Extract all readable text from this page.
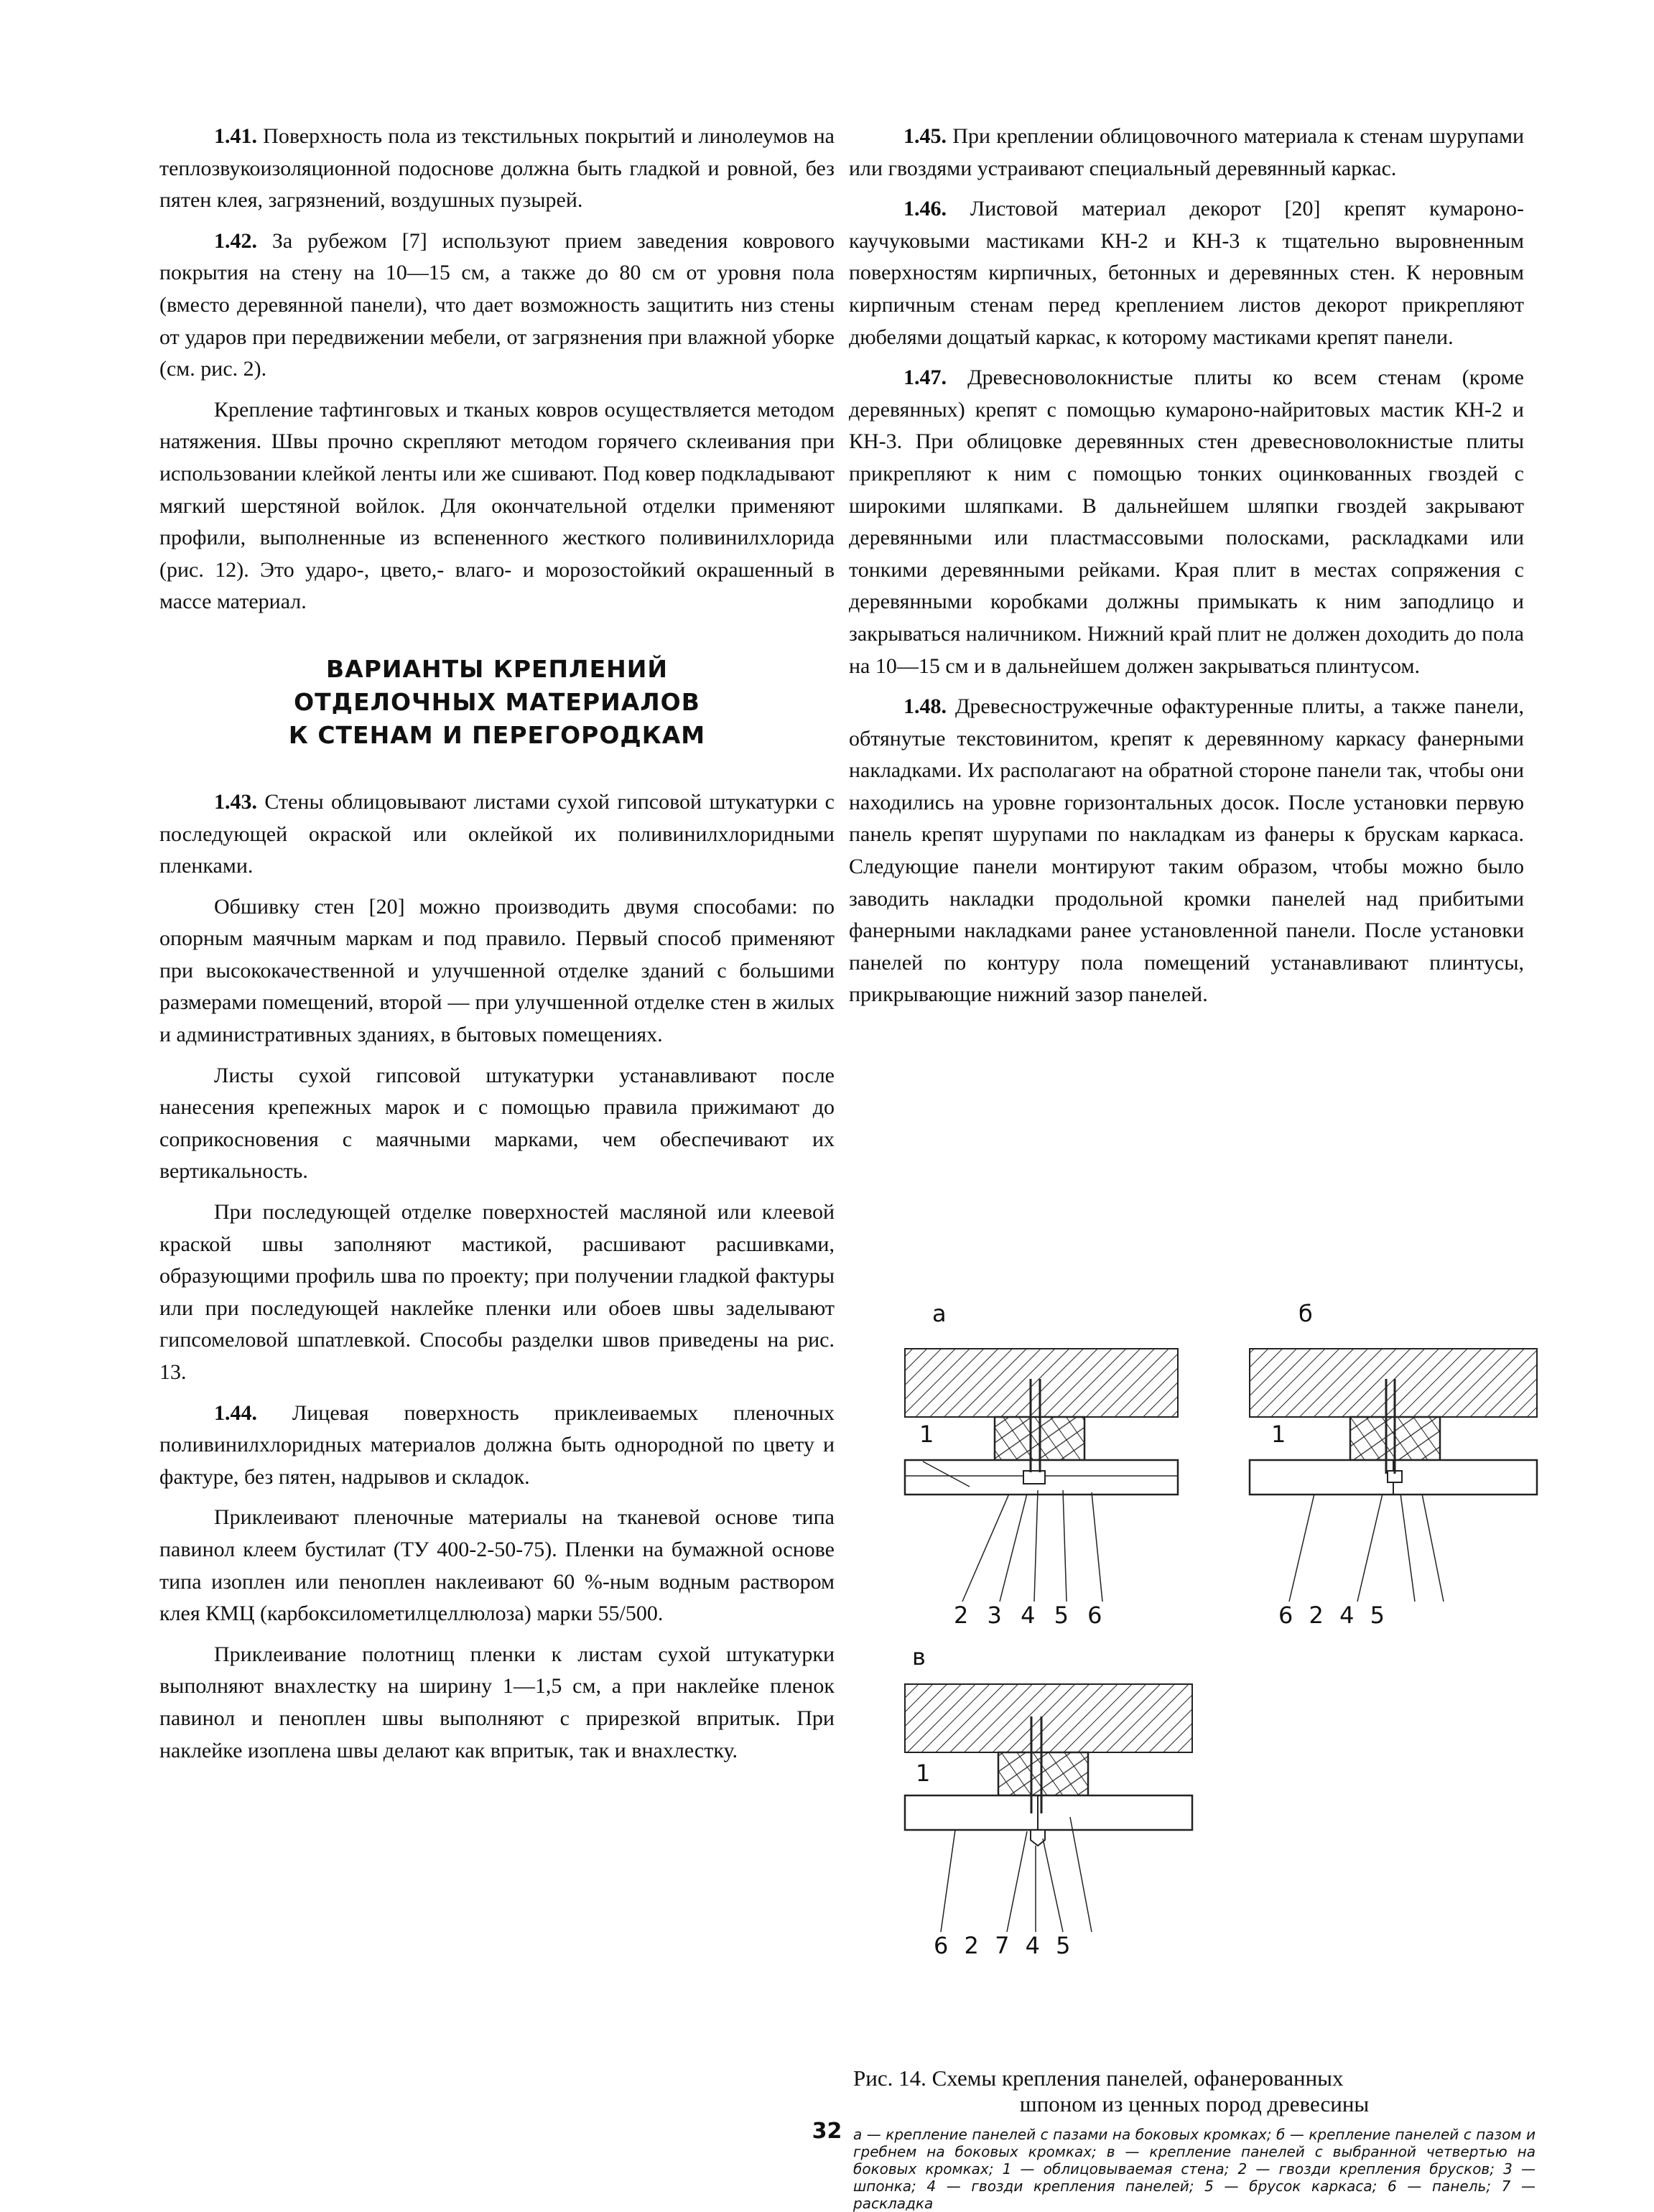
1.41. Поверхность пола из текстильных покрытий и линолеумов на теплозвукоизоляционной подоснове должна быть гладкой и ровной, без пятен клея, загрязнений, воздушных пузырей.

1.42. За рубежом [7] используют прием заведения коврового покрытия на стену на 10—15 см, а также до 80 см от уровня пола (вместо деревянной панели), что дает возможность защитить низ стены от ударов при передвижении мебели, от загрязнения при влажной уборке (см. рис. 2).

Крепление тафтинговых и тканых ковров осуществляется методом натяжения. Швы прочно скрепляют методом горячего склеивания при использовании клейкой ленты или же сшивают. Под ковер подкладывают мягкий шерстяной войлок. Для окончательной отделки применяют профили, выполненные из вспененного жесткого поливинилхлорида (рис. 12). Это ударо-, цвето,- влаго- и морозостойкий окрашенный в массе материал.

ВАРИАНТЫ КРЕПЛЕНИЙ
ОТДЕЛОЧНЫХ МАТЕРИАЛОВ
К СТЕНАМ И ПЕРЕГОРОДКАМ

1.43. Стены облицовывают листами сухой гипсовой штукатурки с последующей окраской или оклейкой их поливинилхлоридными пленками.

Обшивку стен [20] можно производить двумя способами: по опорным маячным маркам и под правило. Первый способ применяют при высококачественной и улучшенной отделке зданий с большими размерами помещений, второй — при улучшенной отделке стен в жилых и административных зданиях, в бытовых помещениях.

Листы сухой гипсовой штукатурки устанавливают после нанесения крепежных марок и с помощью правила прижимают до соприкосновения с маячными марками, чем обеспечивают их вертикальность.

При последующей отделке поверхностей масляной или клеевой краской швы заполняют мастикой, расшивают расшивками, образующими профиль шва по проекту; при получении гладкой фактуры или при последующей наклейке пленки или обоев швы заделывают гипсомеловой шпатлевкой. Способы разделки швов приведены на рис. 13.

1.44. Лицевая поверхность приклеиваемых пленочных поливинилхлоридных материалов должна быть однородной по цвету и фактуре, без пятен, надрывов и складок.

Приклеивают пленочные материалы на тканевой основе типа павинол клеем бустилат (ТУ 400-2-50-75). Пленки на бумажной основе типа изоплен или пеноплен наклеивают 60 %-ным водным раствором клея КМЦ (карбоксилометилцеллюлоза) марки 55/500.

Приклеивание полотнищ пленки к листам сухой штукатурки выполняют внахлестку на ширину 1—1,5 см, а при наклейке пленок павинол и пеноплен швы выполняют с прирезкой впритык. При наклейке изоплена швы делают как впритык, так и внахлестку.

1.45. При креплении облицовочного материала к стенам шурупами или гвоздями устраивают специальный деревянный каркас.

1.46. Листовой материал декорот [20] крепят кумароно-каучуковыми мастиками КН-2 и КН-3 к тщательно выровненным поверхностям кирпичных, бетонных и деревянных стен. К неровным кирпичным стенам перед креплением листов декорот прикрепляют дюбелями дощатый каркас, к которому мастиками крепят панели.

1.47. Древесноволокнистые плиты ко всем стенам (кроме деревянных) крепят с помощью кумароно-найритовых мастик КН-2 и КН-3. При облицовке деревянных стен древесноволокнистые плиты прикрепляют к ним с помощью тонких оцинкованных гвоздей с широкими шляпками. В дальнейшем шляпки гвоздей закрывают деревянными или пластмассовыми полосками, раскладками или тонкими деревянными рейками. Края плит в местах сопряжения с деревянными коробками должны примыкать к ним заподлицо и закрываться наличником. Нижний край плит не должен доходить до пола на 10—15 см и в дальнейшем должен закрываться плинтусом.

1.48. Древесностружечные офактуренные плиты, а также панели, обтянутые текстовинитом, крепят к деревянному каркасу фанерными накладками. Их располагают на обратной стороне панели так, чтобы они находились на уровне горизонтальных досок. После установки первую панель крепят шурупами по накладкам из фанеры к брускам каркаса. Следующие панели монтируют таким образом, чтобы можно было заводить накладки продольной кромки панелей над прибитыми фанерными накладками ранее установленной панели. После установки панелей по контуру пола помещений устанавливают плинтусы, прикрывающие нижний зазор панелей.

а
1
2 3 4 5 6
б
1
6 2 4 5
в
1
6 2 7 4 5

Рис. 14. Схемы крепления панелей, офанерованных
шпоном из ценных пород древесины

а — крепление панелей с пазами на боковых кромках; б — крепление панелей с пазом и гребнем на боковых кромках; в — крепление панелей с выбранной четвертью на боковых кромках; 1 — облицовываемая стена; 2 — гвозди крепления брусков; 3 — шпонка; 4 — гвозди крепления панелей; 5 — брусок каркаса; 6 — панель; 7 — раскладка

32
